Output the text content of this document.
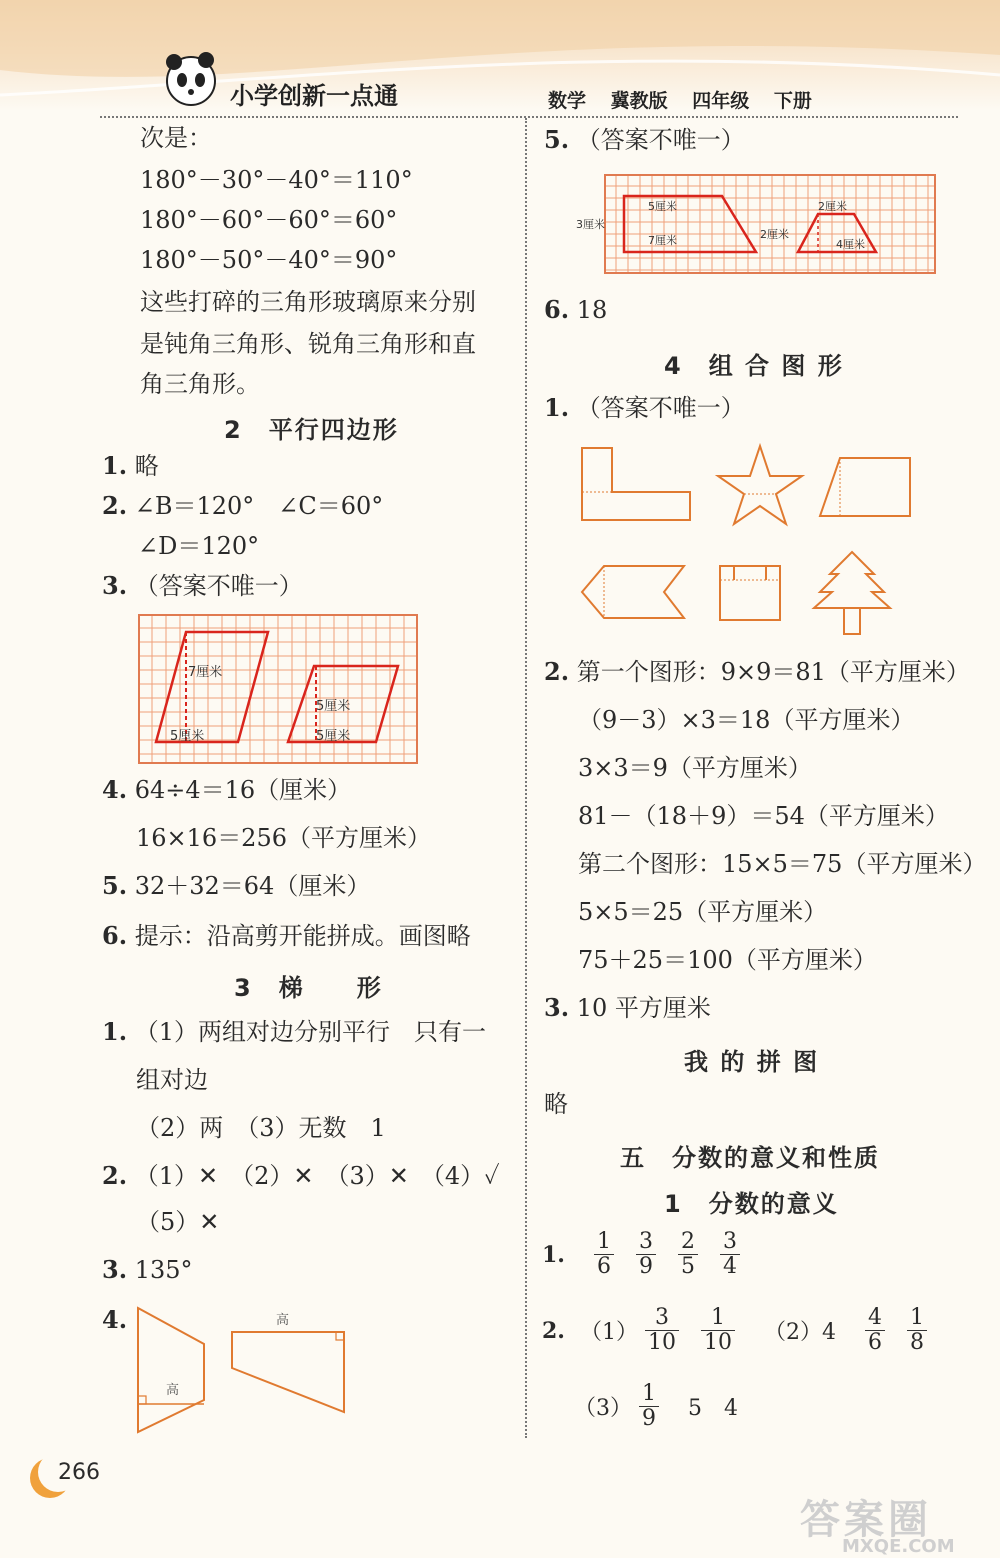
小学创新一点通	数学 冀教版 四年级 下册
次是：
180°－30°－40°＝110°
180°－60°－60°＝60°
180°－50°－40°＝90°
这些打碎的三角形玻璃原来分别
是钝角三角形、锐角三角形和直
角三角形。
2　平行四边形
1. 略
2. ∠B＝120°　∠C＝60°
∠D＝120°
3. （答案不唯一）
7厘米
5厘米
5厘米
5厘米
4. 64÷4＝16（厘米）
16×16＝256（平方厘米）
5. 32＋32＝64（厘米）
6. 提示：沿高剪开能拼成。画图略
3　梯　　形
1. （1）两组对边分别平行　只有一
组对边
（2）两　（3）无数　1
2. （1）✕　（2）✕　（3）✕　（4）✓
（5）✕
3. 135°
4.
高
高
5. （答案不唯一）
3厘米
5厘米
7厘米	2厘米
2厘米
4厘米
6. 18
4　组 合 图 形
1. （答案不唯一）
2. 第一个图形：9×9＝81（平方厘米）
（9－3）×3＝18（平方厘米）
3×3＝9（平方厘米）
81－（18＋9）＝54（平方厘米）
第二个图形：15×5＝75（平方厘米）
5×5＝25（平方厘米）
75＋25＝100（平方厘米）
3. 10 平方厘米
我 的 拼 图
略
五　分数的意义和性质
1　分数的意义
1. $\frac{1}{6} \frac{3}{9} \frac{2}{5} \frac{3}{4}$
2. $(1) \frac{3}{10} \frac{1}{10} (2)4 \frac{4}{6} \frac{1}{8}$
$(3) \frac{1}{9} 5$　4
266
答案圈
MXQE.COM
